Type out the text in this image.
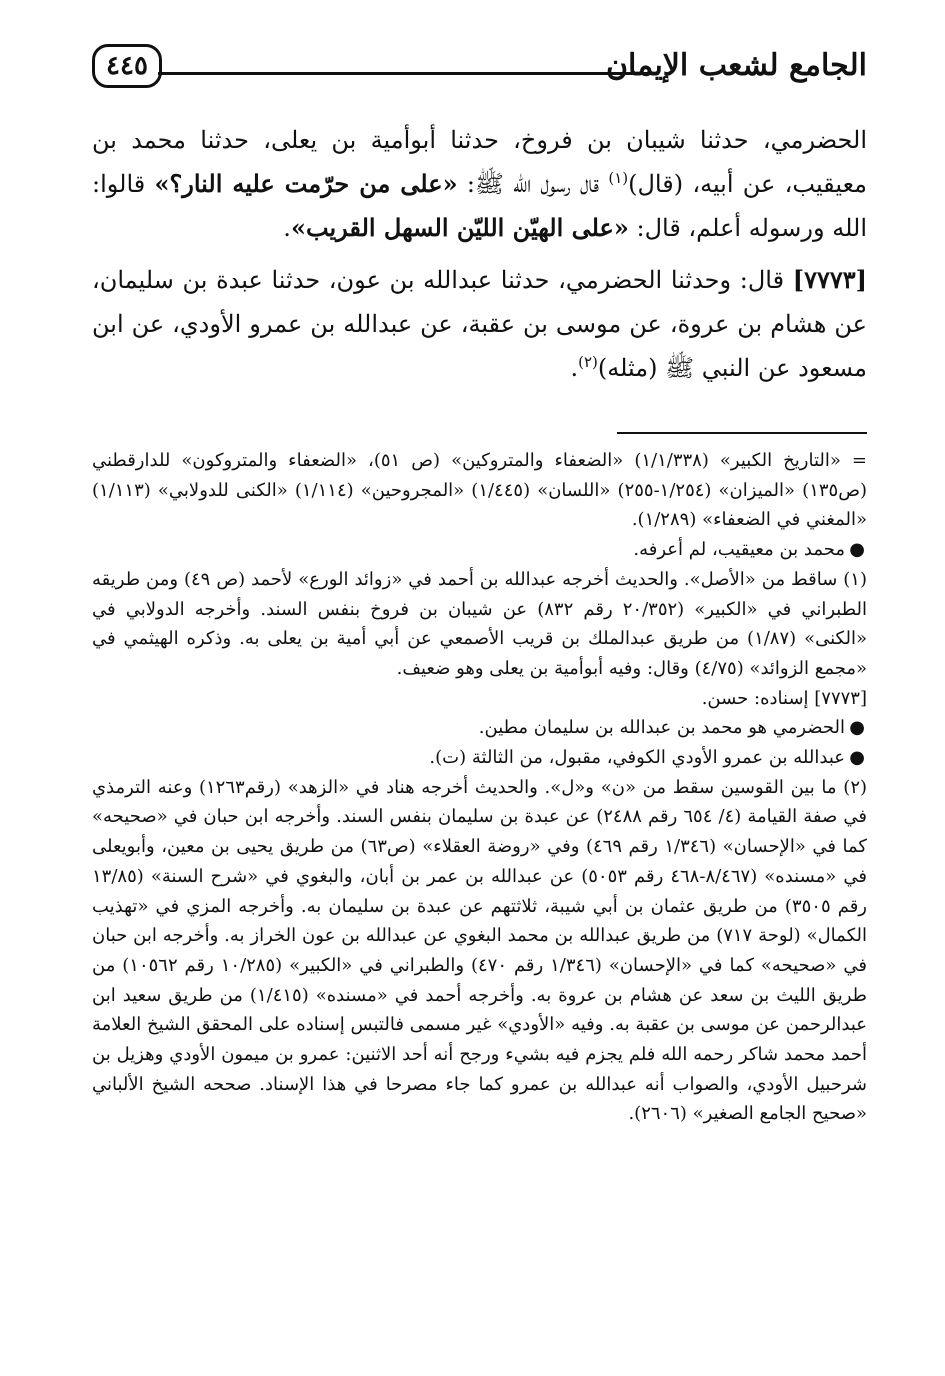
الجامع لشعب الإيمان
٤٤٥

الحضرمي، حدثنا شيبان بن فروخ، حدثنا أبوأمية بن يعلى، حدثنا محمد بن معيقيب، عن أبيه، (قال)$^{(١)}$ قال رسول الله ﷺ: «على من حرّمت عليه النار؟» قالوا: الله ورسوله أعلم، قال: «على الهيّن الليّن السهل القريب».

[٧٧٧٣] قال: وحدثنا الحضرمي، حدثنا عبدالله بن عون، حدثنا عبدة بن سليمان، عن هشام بن عروة، عن موسى بن عقبة، عن عبدالله بن عمرو الأودي، عن ابن مسعود عن النبي ﷺ (مثله)$^{(٢)}$.

= «التاريخ الكبير» (١/١/٣٣٨) «الضعفاء والمتروكين» (ص ٥١)، «الضعفاء والمتروكون» للدارقطني (ص١٣٥) «الميزان» (١/٢٥٤-٢٥٥) «اللسان» (١/٤٤٥) «المجروحين» (١/١١٤) «الكنى للدولابي» (١/١١٣) «المغني في الضعفاء» (١/٢٨٩).

●
محمد بن معيقيب، لم أعرفه.

(١) ساقط من «الأصل». والحديث أخرجه عبدالله بن أحمد في «زوائد الورع» لأحمد (ص ٤٩) ومن طريقه الطبراني في «الكبير» (٢٠/٣٥٢ رقم ٨٣٢) عن شيبان بن فروخ بنفس السند. وأخرجه الدولابي في «الكنى» (١/٨٧) من طريق عبدالملك بن قريب الأصمعي عن أبي أمية بن يعلى به. وذكره الهيثمي في «مجمع الزوائد» (٤/٧٥) وقال: وفيه أبوأمية بن يعلى وهو ضعيف.

[٧٧٧٣] إسناده: حسن.

●
الحضرمي هو محمد بن عبدالله بن سليمان مطين.

●
عبدالله بن عمرو الأودي الكوفي، مقبول، من الثالثة (ت).

(٢) ما بين القوسين سقط من «ن» و«ل». والحديث أخرجه هناد في «الزهد» (رقم١٢٦٣) وعنه الترمذي في صفة القيامة (٤/ ٦٥٤ رقم ٢٤٨٨) عن عبدة بن سليمان بنفس السند. وأخرجه ابن حبان في «صحيحه» كما في «الإحسان» (١/٣٤٦ رقم ٤٦٩) وفي «روضة العقلاء» (ص٦٣) من طريق يحيى بن معين، وأبويعلى في «مسنده» (٨/٤٦٧-٤٦٨ رقم ٥٠٥٣) عن عبدالله بن عمر بن أبان، والبغوي في «شرح السنة» (١٣/٨٥ رقم ٣٥٠٥) من طريق عثمان بن أبي شيبة، ثلاثتهم عن عبدة بن سليمان به. وأخرجه المزي في «تهذيب الكمال» (لوحة ٧١٧) من طريق عبدالله بن محمد البغوي عن عبدالله بن عون الخراز به. وأخرجه ابن حبان في «صحيحه» كما في «الإحسان» (١/٣٤٦ رقم ٤٧٠) والطبراني في «الكبير» (١٠/٢٨٥ رقم ١٠٥٦٢) من طريق الليث بن سعد عن هشام بن عروة به. وأخرجه أحمد في «مسنده» (١/٤١٥) من طريق سعيد ابن عبدالرحمن عن موسى بن عقبة به. وفيه «الأودي» غير مسمى فالتبس إسناده على المحقق الشيخ العلامة أحمد محمد شاكر رحمه الله فلم يجزم فيه بشيء ورجح أنه أحد الاثنين: عمرو بن ميمون الأودي وهزيل بن شرحبيل الأودي، والصواب أنه عبدالله بن عمرو كما جاء مصرحا في هذا الإسناد. صححه الشيخ الألباني «صحيح الجامع الصغير» (٢٦٠٦).
